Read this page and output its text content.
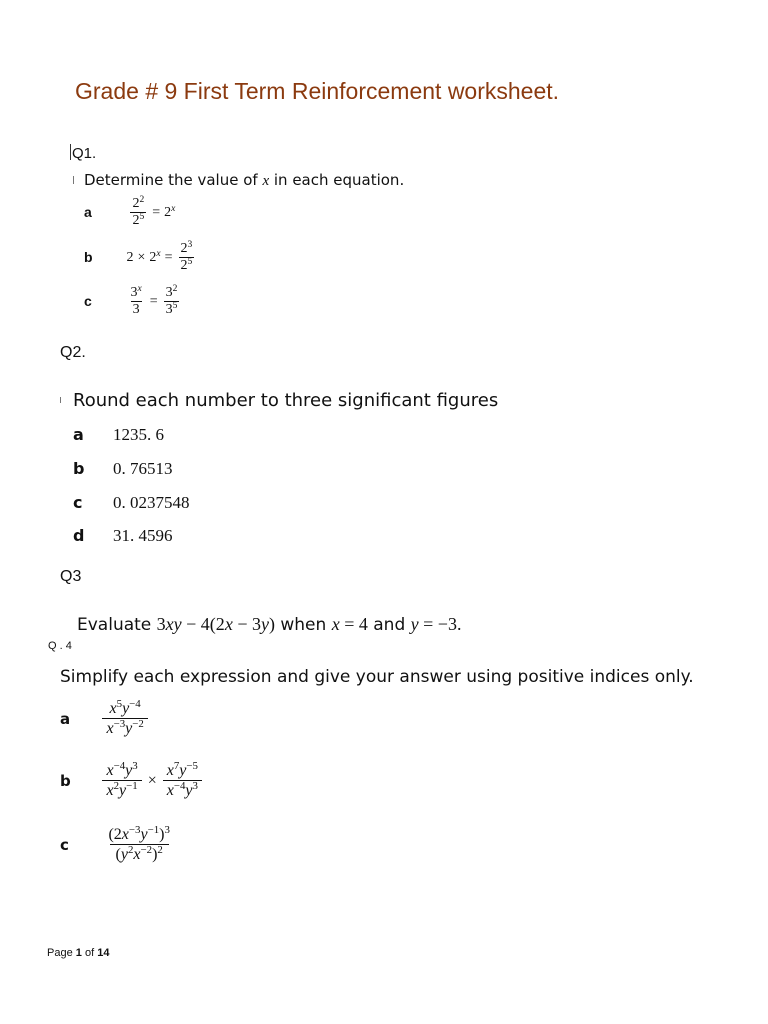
Grade # 9 First Term Reinforcement worksheet.
Q1.
Determine the value of x in each equation.
a	$\frac{2^2}{2^5} = 2^x$
b $2 \times 2^x = \frac{2^3}{2^5}$
c	$\frac{3^x}{3} = \frac{3^2}{3^5}$
Q2.
Round each number to three significant figures
a 1235. 6
b 0. 76513
c 0. 0237548
d 31. 4596
Q3
Evaluate 3xy − 4(2x − 3y) when x = 4 and y = −3.
Q . 4
Simplify each expression and give your answer using positive indices only.
a $\frac{x^5y^{-4}}{x^{-3}y^{-2}}$
b $\frac{x^{-4}y^3}{x^2y^{-1}} \times \frac{x^7y^{-5}}{x^{-4}y^3}$
c $\frac{(2x^{-3}y^{-1})^3}{(y^2x^{-2})^2}$
Page 1 of 14
